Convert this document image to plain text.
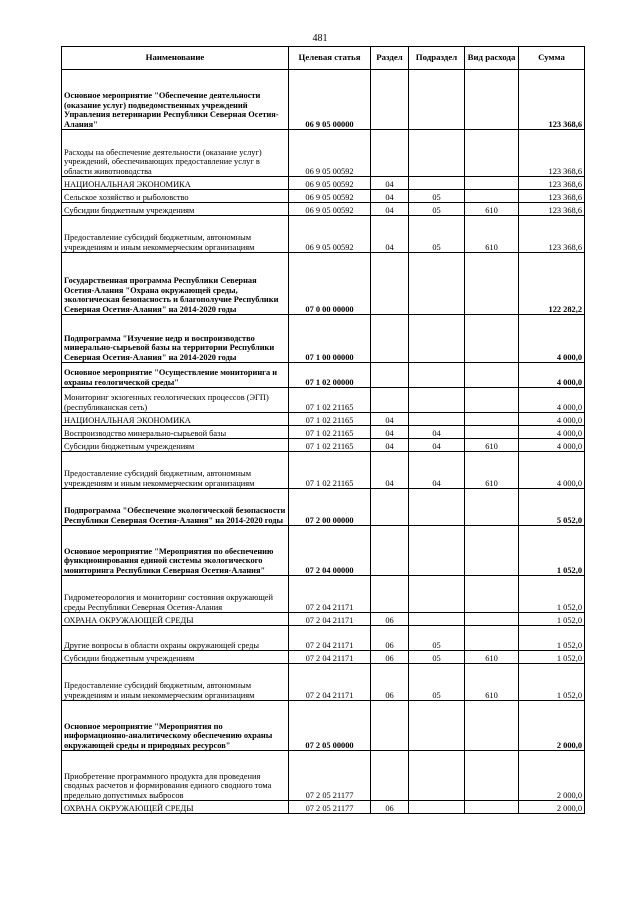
481
Наименование	Целевая статья	Раздел	Подраздел	Вид расхода	Сумма
Основное мероприятие "Обеспечение деятельности (оказание услуг) подведомственных учреждений Управления ветеринарии Республики Северная Осетия-Алания"	06 9 05 00000				123 368,6
Расходы на обеспечение деятельности (оказание услуг) учреждений, обеспечивающих предоставление услуг в области животноводства	06 9 05 00592				123 368,6
НАЦИОНАЛЬНАЯ ЭКОНОМИКА	06 9 05 00592	04			123 368,6
Сельское хозяйство и рыболовство	06 9 05 00592	04	05		123 368,6
Субсидии бюджетным учреждениям	06 9 05 00592	04	05	610	123 368,6
Предоставление субсидий бюджетным, автономным учреждениям и иным некоммерческим организациям	06 9 05 00592	04	05	610	123 368,6
Государственная программа Республики Северная Осетия-Алания "Охрана окружающей среды, экологическая безопасность и благополучие Республики Северная Осетия-Алания" на 2014-2020 годы	07 0 00 00000				122 282,2
Подпрограмма "Изучение недр и воспроизводство минерально-сырьевой базы на территории Республики Северная Осетия-Алания" на 2014-2020 годы	07 1 00 00000				4 000,0
Основное мероприятие "Осуществление мониторинга и охраны геологической среды"	07 1 02 00000				4 000,0
Мониторинг экзогенных геологических процессов (ЭГП) (республиканская сеть)	07 1 02 21165				4 000,0
НАЦИОНАЛЬНАЯ ЭКОНОМИКА	07 1 02 21165	04			4 000,0
Воспроизводство минерально-сырьевой базы	07 1 02 21165	04	04		4 000,0
Субсидии бюджетным учреждениям	07 1 02 21165	04	04	610	4 000,0
Предоставление субсидий бюджетным, автономным учреждениям и иным некоммерческим организациям	07 1 02 21165	04	04	610	4 000,0
Подпрограмма "Обеспечение экологической безопасности Республики Северная Осетия-Алания" на 2014-2020 годы	07 2 00 00000				5 052,0
Основное мероприятие "Мероприятия по обеспечению функционирования единой системы экологического мониторинга Республики Северная Осетия-Алания"	07 2 04 00000				1 052,0
Гидрометеорология и мониторинг состояния окружающей среды Республики Северная Осетия-Алания	07 2 04 21171				1 052,0
ОХРАНА ОКРУЖАЮЩЕЙ СРЕДЫ	07 2 04 21171	06			1 052,0
Другие вопросы в области охраны окружающей среды	07 2 04 21171	06	05		1 052,0
Субсидии бюджетным учреждениям	07 2 04 21171	06	05	610	1 052,0
Предоставление субсидий бюджетным, автономным учреждениям и иным некоммерческим организациям	07 2 04 21171	06	05	610	1 052,0
Основное мероприятие "Мероприятия по информационно-аналитическому обеспечению охраны окружающей среды и природных ресурсов"	07 2 05 00000				2 000,0
Приобретение программного продукта для проведения сводных расчетов и формирования единого сводного тома предельно допустимых выбросов	07 2 05 21177				2 000,0
ОХРАНА ОКРУЖАЮЩЕЙ СРЕДЫ	07 2 05 21177	06			2 000,0
